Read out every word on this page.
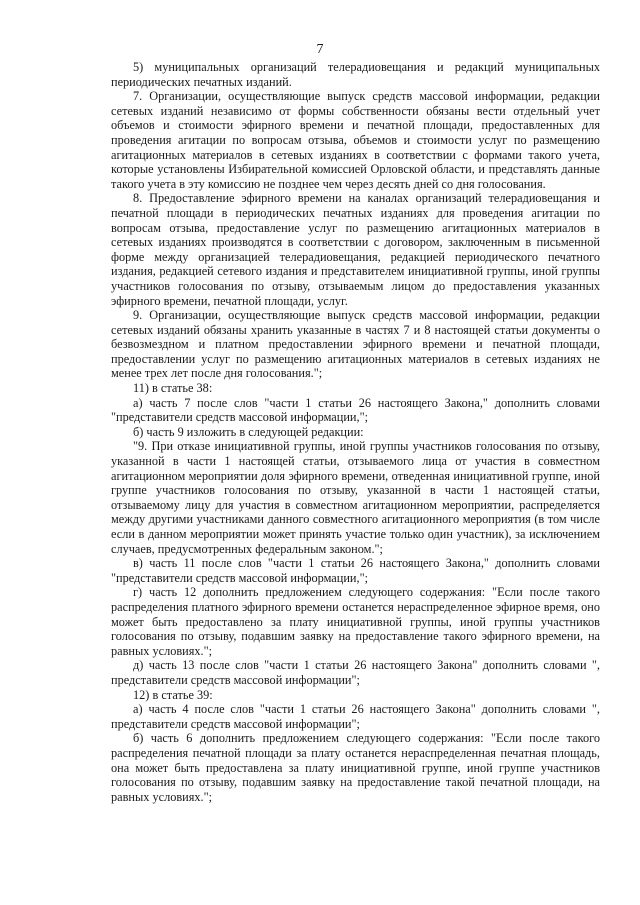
7

5) муниципальных организаций телерадиовещания и редакций муниципальных периодических печатных изданий.

7. Организации, осуществляющие выпуск средств массовой информации, редакции сетевых изданий независимо от формы собственности обязаны вести отдельный учет объемов и стоимости эфирного времени и печатной площади, предоставленных для проведения агитации по вопросам отзыва, объемов и стоимости услуг по размещению агитационных материалов в сетевых изданиях в соответствии с формами такого учета, которые установлены Избирательной комиссией Орловской области, и представлять данные такого учета в эту комиссию не позднее чем через десять дней со дня голосования.

8. Предоставление эфирного времени на каналах организаций телерадиовещания и печатной площади в периодических печатных изданиях для проведения агитации по вопросам отзыва, предоставление услуг по размещению агитационных материалов в сетевых изданиях производятся в соответствии с договором, заключенным в письменной форме между организацией телерадиовещания, редакцией периодического печатного издания, редакцией сетевого издания и представителем инициативной группы, иной группы участников голосования по отзыву, отзываемым лицом до предоставления указанных эфирного времени, печатной площади, услуг.

9. Организации, осуществляющие выпуск средств массовой информации, редакции сетевых изданий обязаны хранить указанные в частях 7 и 8 настоящей статьи документы о безвозмездном и платном предоставлении эфирного времени и печатной площади, предоставлении услуг по размещению агитационных материалов в сетевых изданиях не менее трех лет после дня голосования.";

11) в статье 38:

а) часть 7 после слов "части 1 статьи 26 настоящего Закона," дополнить словами "представители средств массовой информации,";

б) часть 9 изложить в следующей редакции:

"9. При отказе инициативной группы, иной группы участников голосования по отзыву, указанной в части 1 настоящей статьи, отзываемого лица от участия в совместном агитационном мероприятии доля эфирного времени, отведенная инициативной группе, иной группе участников голосования по отзыву, указанной в части 1 настоящей статьи, отзываемому лицу для участия в совместном агитационном мероприятии, распределяется между другими участниками данного совместного агитационного мероприятия (в том числе если в данном мероприятии может принять участие только один участник), за исключением случаев, предусмотренных федеральным законом.";

в) часть 11 после слов "части 1 статьи 26 настоящего Закона," дополнить словами "представители средств массовой информации,";

г) часть 12 дополнить предложением следующего содержания: "Если после такого распределения платного эфирного времени останется нераспределенное эфирное время, оно может быть предоставлено за плату инициативной группы, иной группы участников голосования по отзыву, подавшим заявку на предоставление такого эфирного времени, на равных условиях.";

д) часть 13 после слов "части 1 статьи 26 настоящего Закона" дополнить словами ", представители средств массовой информации";

12) в статье 39:

а) часть 4 после слов "части 1 статьи 26 настоящего Закона" дополнить словами ", представители средств массовой информации";

б) часть 6 дополнить предложением следующего содержания: "Если после такого распределения печатной площади за плату останется нераспределенная печатная площадь, она может быть предоставлена за плату инициативной группе, иной группе участников голосования по отзыву, подавшим заявку на предоставление такой печатной площади, на равных условиях.";
